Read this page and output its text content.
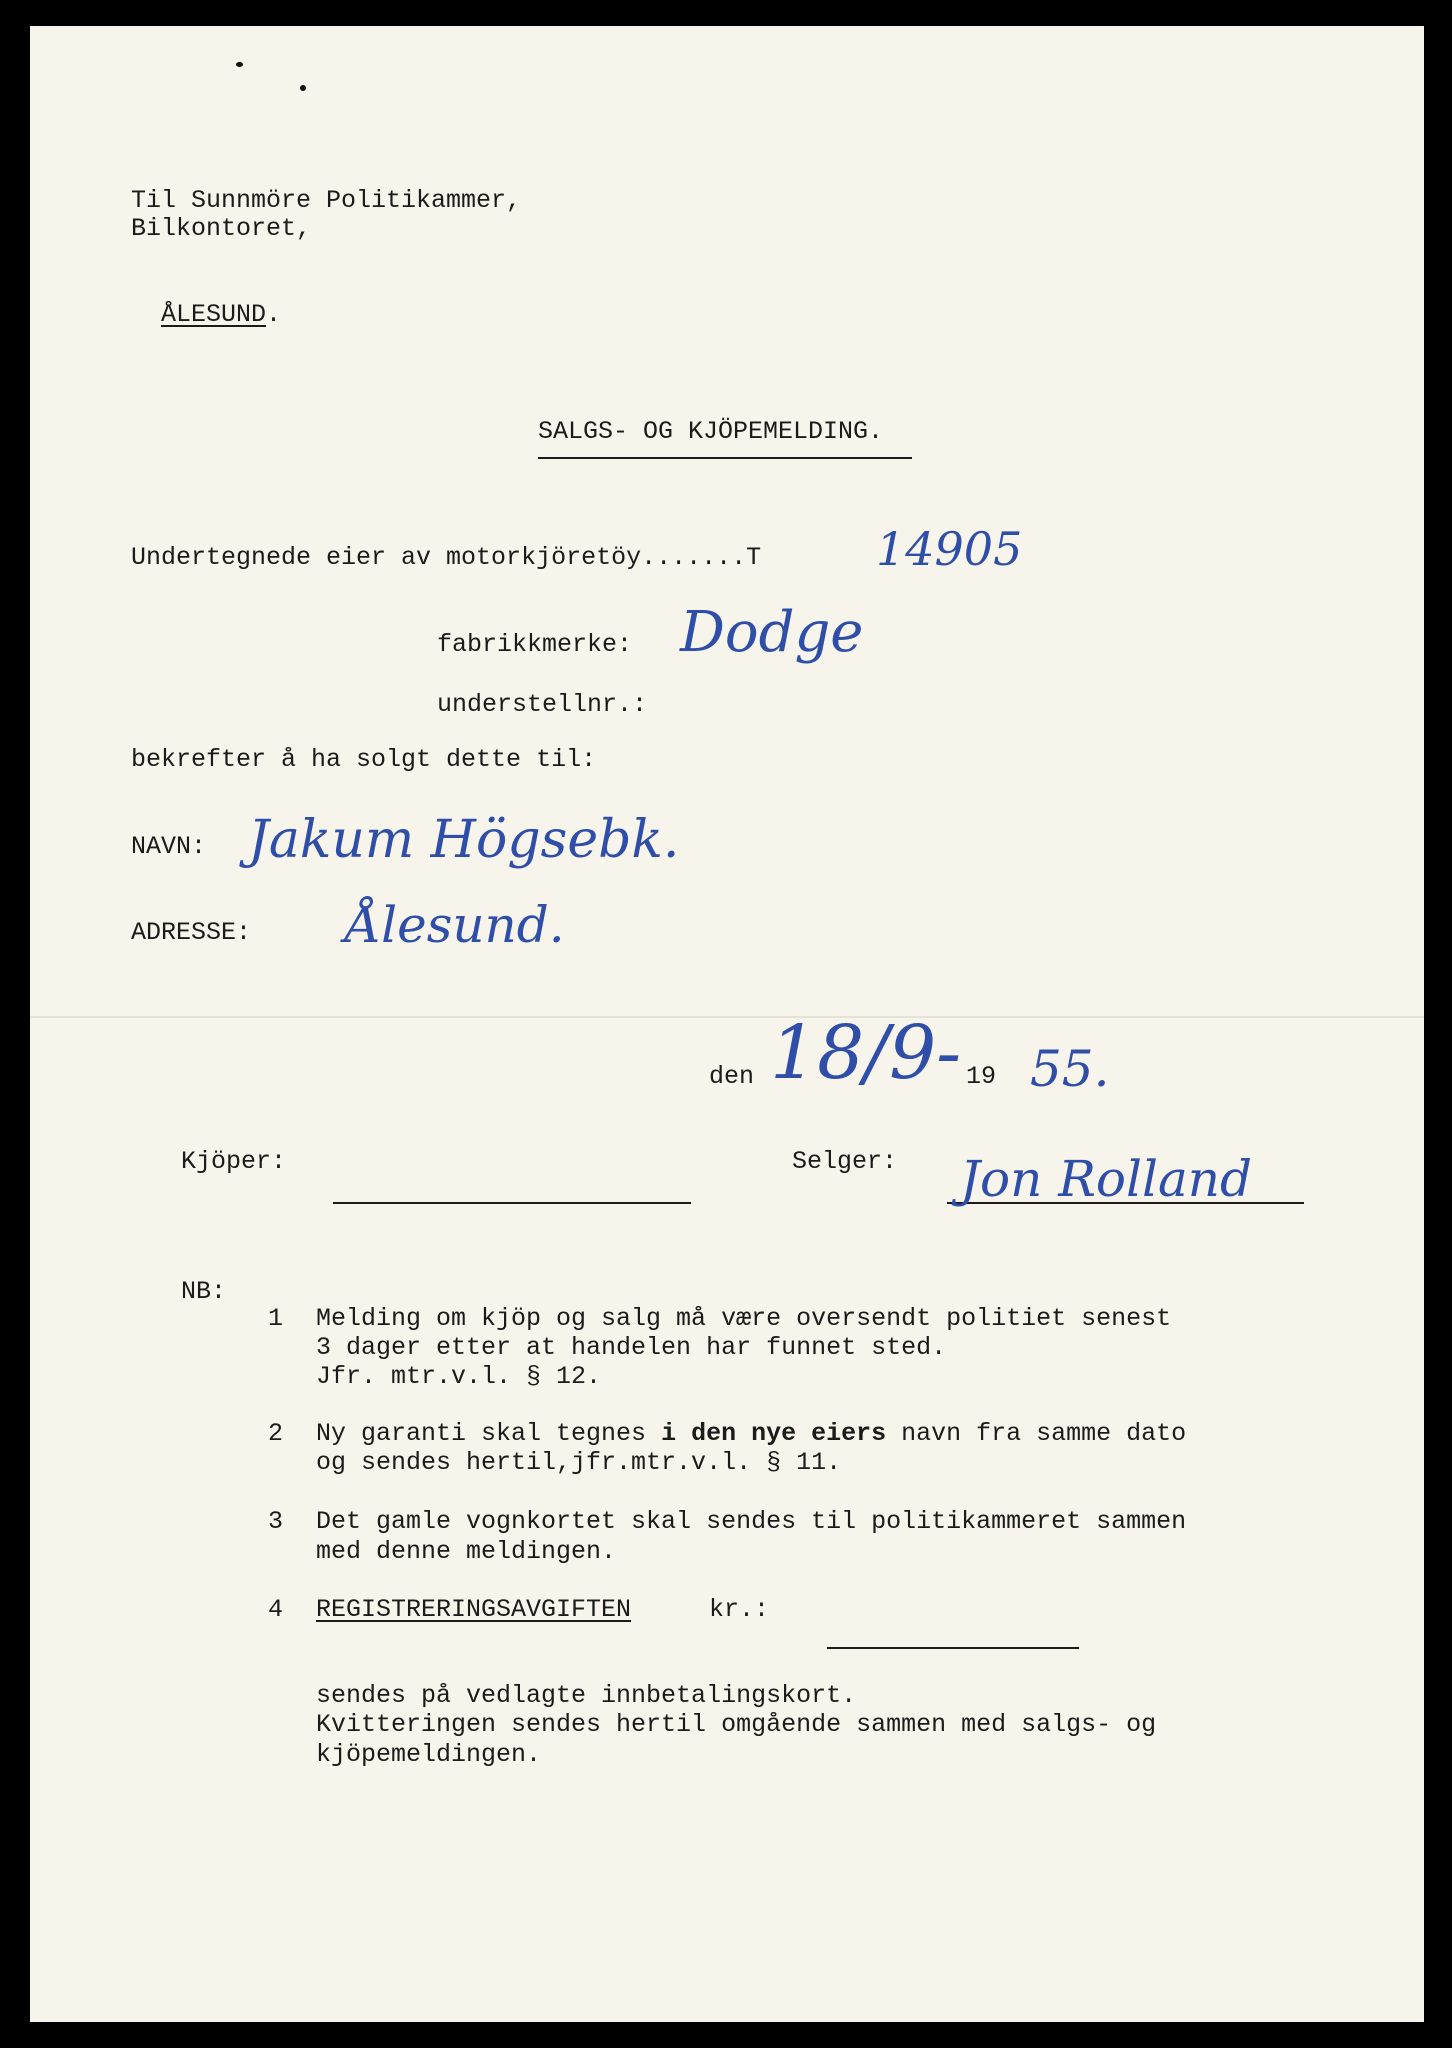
Til Sunnmöre Politikammer,
Bilkontoret,

ÅLESUND.

SALGS- OG KJÖPEMELDING.
Undertegnede eier av motorkjöretöy.......T 14905
fabrikkmerke: Dodge
understellnr.:
bekrefter å ha solgt dette til:
NAVN: Jakum Högsebk.
ADRESSE: Ålesund.
den 18/9- 19 55.
Kjöper:	Selger: Jon Rolland
NB:
1 Melding om kjöp og salg må være oversendt politiet senest
3 dager etter at handelen har funnet sted.
Jfr. mtr.v.l. § 12.
2 Ny garanti skal tegnes i den nye eiers navn fra samme dato
og sendes hertil,jfr.mtr.v.l. § 11.
3 Det gamle vognkortet skal sendes til politikammeret sammen
med denne meldingen.
4 REGISTRERINGSAVGIFTEN	kr.:
sendes på vedlagte innbetalingskort.
Kvitteringen sendes hertil omgående sammen med salgs- og
kjöpemeldingen.
